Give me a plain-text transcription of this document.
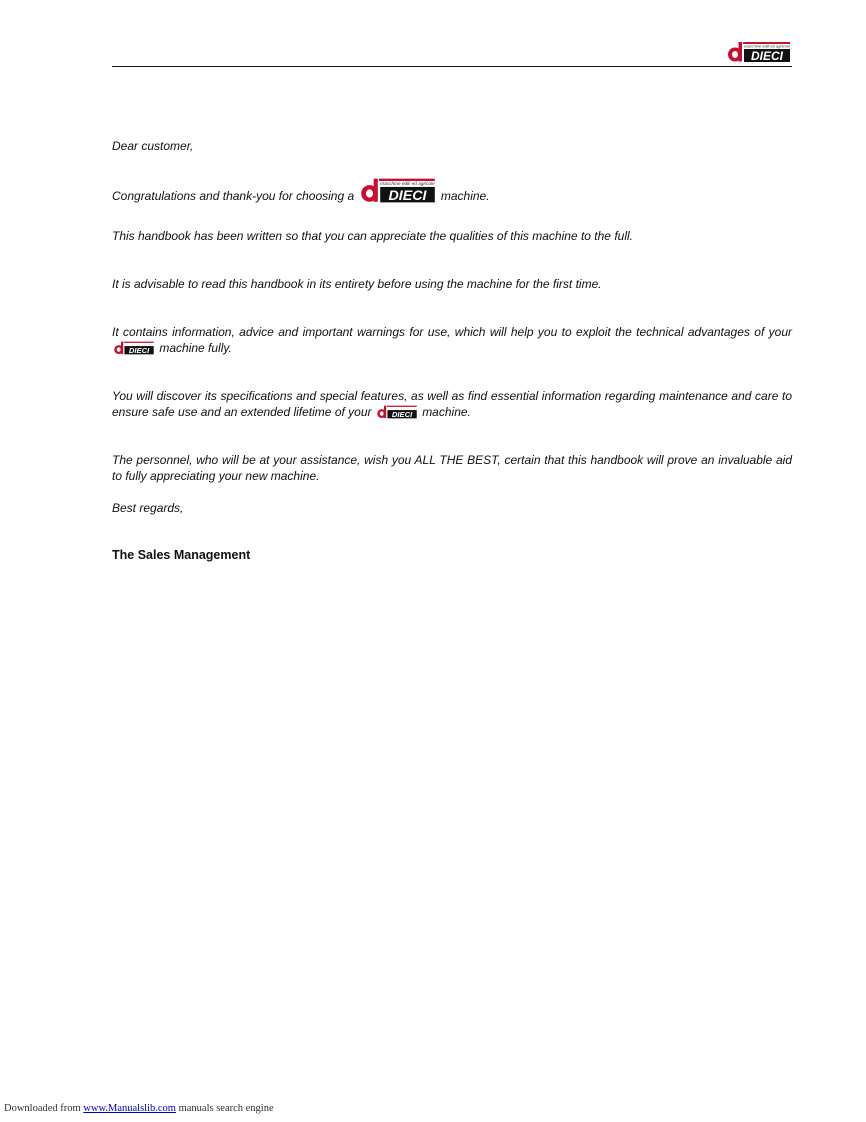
DIECI
macchine edili ed agricole

Dear customer,

Congratulations and thank-you for choosing a	DIECI
macchine edili ed agricole
machine.

This handbook has been written so that you can appreciate the qualities of this machine to the full.

It is advisable to read this handbook in its entirety before using the machine for the first time.

It contains information, advice and important warnings for use, which will help you to exploit the technical advantages of your
DIECI machine fully.

You will discover its specifications and special features, as well as find essential information regarding maintenance and care to ensure safe use and an extended lifetime of your DIECI machine.

The personnel, who will be at your assistance, wish you ALL THE BEST, certain that this handbook will prove an invaluable aid to fully appreciating your new machine.

Best regards,

The Sales Management
Downloaded from www.Manualslib.com manuals search engine
